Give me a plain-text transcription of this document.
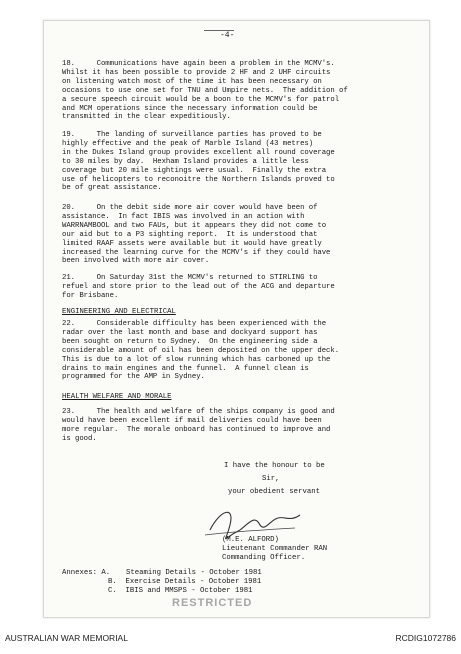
-4-
18.     Communications have again been a problem in the MCMV's.
Whilst it has been possible to provide 2 HF and 2 UHF circuits
on listening watch most of the time it has been necessary on
occasions to use one set for TNU and Umpire nets.  The addition of
a secure speech circuit would be a boon to the MCMV's for patrol
and MCM operations since the necessary information could be
transmitted in the clear expeditiously.
19.     The landing of surveillance parties has proved to be
highly effective and the peak of Marble Island (43 metres)
in the Dukes Island group provides excellent all round coverage
to 30 miles by day.  Hexham Island provides a little less
coverage but 20 mile sightings were usual.  Finally the extra
use of helicopters to reconoitre the Northern Islands proved to
be of great assistance.
20.     On the debit side more air cover would have been of
assistance.  In fact IBIS was involved in an action with
WARRNAMBOOL and two FAUs, but it appears they did not come to
our aid but to a P3 sighting report.  It is understood that
limited RAAF assets were available but it would have greatly
increased the learning curve for the MCMV's if they could have
been involved with more air cover.
21.     On Saturday 31st the MCMV's returned to STIRLING to
refuel and store prior to the lead out of the ACG and departure
for Brisbane.
ENGINEERING AND ELECTRICAL
22.     Considerable difficulty has been experienced with the
radar over the last month and base and dockyard support has
been sought on return to Sydney.  On the engineering side a
considerable amount of oil has been deposited on the upper deck.
This is due to a lot of slow running which has carboned up the
drains to main engines and the funnel.  A funnel clean is
programmed for the AMP in Sydney.
HEALTH WELFARE AND MORALE
23.     The health and welfare of the ships company is good and
would have been excellent if mail deliveries could have been
more regular.  The morale onboard has continued to improve and
is good.
I have the honour to be
Sir,
your obedient servant
(M.E. ALFORD)
Lieutenant Commander RAN
Commanding Officer.
Annexes: A. Steaming Details - October 1981
B.  Exercise Details - October 1981
C.  IBIS and MMSPS - October 1981
RESTRICTED
AUSTRALIAN WAR MEMORIAL	RCDIG1072786
